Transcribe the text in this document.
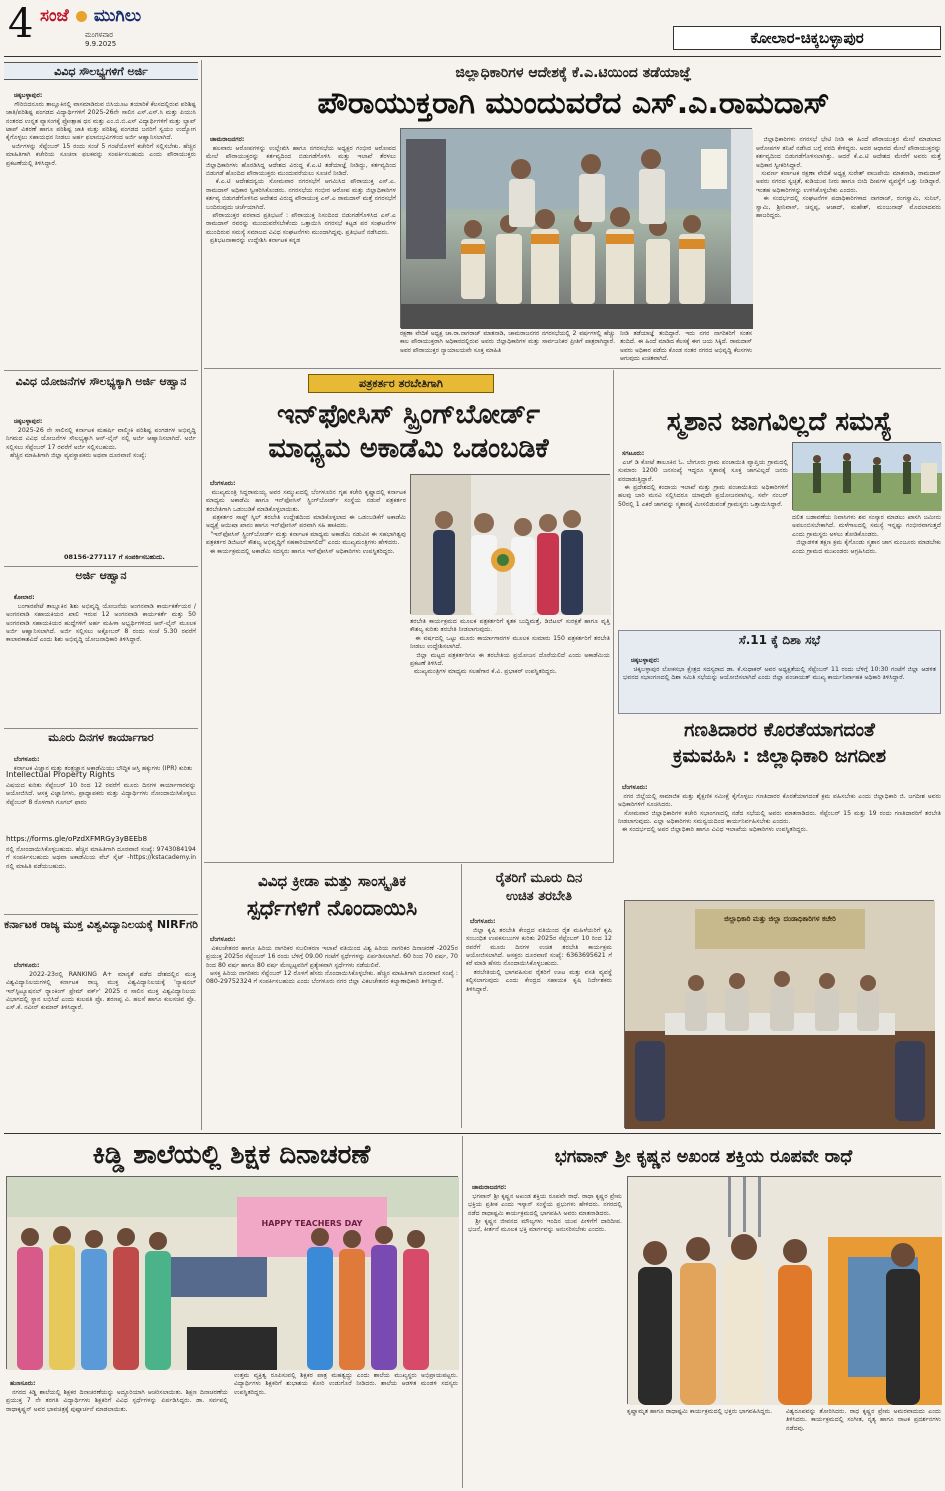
4 ಸಂಜೆ ಮುಗಿಲು
ಮಂಗಳವಾರ
9.9.2025	ಕೋಲಾರ-ಚಿಕ್ಕಬಳ್ಳಾಪುರ
ವಿವಿಧ ಸೌಲಭ್ಯಗಳಿಗೆ ಅರ್ಜಿ

ಚಿಕ್ಕಬಳ್ಳಾಪುರ:
ಗೌರಿಬಿದನೂರು ತಾಲ್ಲೂಕಿನಲ್ಲಿ ವಾಸಮಾಡಿರುವ ಬಿಸಿಯೂಟ ತಯಾರಿಕೆ ಕೆಲಸದಲ್ಲಿರುವ ಪರಿಶಿಷ್ಟ ಜಾತಿ/ಪರಿಶಿಷ್ಟ ಪಂಗಡದ ವಿದ್ಯಾರ್ಥಿಗಳಿಗೆ 2025-26ನೇ ಸಾಲಿನ ಎಸ್.ಎಸ್.ಸಿ ಮತ್ತು ಪಿಯುಸಿ ನಂತರದ ಉನ್ನತ ವ್ಯಾಸಂಗಕ್ಕೆ ಪ್ರೋತ್ಸಾಹ ಧನ ಮತ್ತು ಎಂ.ಬಿ.ಬಿ.ಎಸ್ ವಿದ್ಯಾರ್ಥಿಗಳಿಗೆ ಮತ್ತು ಲ್ಯಾಪ್ ಟಾಪ್ ವಿತರಣೆ ಹಾಗೂ ಪರಿಶಿಷ್ಟ ಜಾತಿ ಮತ್ತು ಪರಿಶಿಷ್ಟ ಪಂಗಡದ ಜನರಿಗೆ ಸ್ವಯಂ ಉದ್ಯೋಗ ಕೈಗೊಳ್ಳಲು ಸಹಾಯಧನ ನೀಡಲು ಅರ್ಹ ಫಲಾನುಭವಿಗಳಿಂದ ಅರ್ಜಿ ಆಹ್ವಾನಿಸಲಾಗಿದೆ.
ಅರ್ಜಿಗಳನ್ನು ಸೆಪ್ಟೆಂಬರ್ 15 ರಂದು ಸಂಜೆ 5 ಗಂಟೆಯೊಳಗೆ ಕಚೇರಿಗೆ ಸಲ್ಲಿಸಬೇಕು. ಹೆಚ್ಚಿನ ಮಾಹಿತಿಗಾಗಿ ಕಚೇರಿಯ ಸೂಚನಾ ಫಲಕವನ್ನು ಸಂಪರ್ಕಿಸಬಹುದು ಎಂದು ಪೌರಾಯುಕ್ತರು ಪ್ರಕಟಣೆಯಲ್ಲಿ ತಿಳಿಸಿದ್ದಾರೆ.

ವಿವಿಧ ಯೋಜನೆಗಳ ಸೌಲಭ್ಯಕ್ಕಾಗಿ ಅರ್ಜಿ ಆಹ್ವಾನ

ಚಿಕ್ಕಬಳ್ಳಾಪುರ:
2025-26 ನೇ ಸಾಲಿನಲ್ಲಿ ಕರ್ನಾಟಕ ಮಹರ್ಷಿ ವಾಲ್ಮೀಕಿ ಪರಿಶಿಷ್ಟ ಪಂಗಡಗಳ ಅಭಿವೃದ್ಧಿ ನಿಗಮದ ವಿವಿಧ ಯೋಜನೆಗಳ ಸೌಲಭ್ಯಕ್ಕಾಗಿ ಆನ್-ಲೈನ್ ನಲ್ಲಿ ಅರ್ಜಿ ಆಹ್ವಾನಿಸಲಾಗಿದೆ. ಅರ್ಜಿ ಸಲ್ಲಿಸಲು ಸೆಪ್ಟೆಂಬರ್ 17 ರವರೆಗೆ ಅರ್ಜಿ ಸಲ್ಲಿಸಬಹುದು.
ಹೆಚ್ಚಿನ ಮಾಹಿತಿಗಾಗಿ ಜಿಲ್ಲಾ ವ್ಯವಸ್ಥಾಪಕರು ಅಥವಾ ದೂರವಾಣಿ ಸಂಖ್ಯೆ:

08156-277117 ಗೆ ಸಂಪರ್ಕಿಸಬಹುದು.
ಅರ್ಜಿ ಆಹ್ವಾನ

ಕೋಲಾರ:
ಬಂಗಾರಪೇಟೆ ತಾಲ್ಲೂಕಿನ ಶಿಶು ಅಭಿವೃದ್ಧಿ ಯೋಜನೆಯ ಅಂಗನವಾಡಿ ಕಾರ್ಯಕರ್ತೆಯರ / ಅಂಗನವಾಡಿ ಸಹಾಯಕಿಯರ ಖಾಲಿ ಇರುವ 12 ಅಂಗನವಾಡಿ ಕಾರ್ಯಕರ್ತೆ ಮತ್ತು 50 ಅಂಗನವಾಡಿ ಸಹಾಯಕಿಯರ ಹುದ್ದೆಗಳಿಗೆ ಅರ್ಹ ಮಹಿಳಾ ಅಭ್ಯರ್ಥಿಗಳಿಂದ ಆನ್-ಲೈನ್ ಮೂಲಕ ಅರ್ಜಿ ಆಹ್ವಾನಿಸಲಾಗಿದೆ. ಅರ್ಜಿ ಸಲ್ಲಿಸಲು ಅಕ್ಟೋಬರ್ 8 ರಂದು ಸಂಜೆ 5.30 ರವರೆಗೆ ಕಾಲಾವಕಾಶವಿದೆ ಎಂದು ಶಿಶು ಅಭಿವೃದ್ಧಿ ಯೋಜನಾಧಿಕಾರಿ ತಿಳಿಸಿದ್ದಾರೆ.

ಮೂರು ದಿನಗಳ ಕಾರ್ಯಾಗಾರ

ಬೆಂಗಳೂರು:
ಕರ್ನಾಟಕ ವಿಜ್ಞಾನ ಮತ್ತು ತಂತ್ರಜ್ಞಾನ ಅಕಾಡೆಮಿಯು ಬೌದ್ಧಿಕ ಆಸ್ತಿ ಹಕ್ಕುಗಳು (IPR) ಕುರಿತು

Intellectual Property Rights
ವಿಷಯದ ಕುರಿತು ಸೆಪ್ಟೆಂಬರ್ 10 ರಿಂದ 12 ರವರೆಗೆ ಮೂರು ದಿನಗಳ ಕಾರ್ಯಾಗಾರವನ್ನು ಆಯೋಜಿಸಿದೆ. ಆಸಕ್ತ ವಿಜ್ಞಾನಿಗಳು, ಪ್ರಾಧ್ಯಾಪಕರು ಮತ್ತು ವಿದ್ಯಾರ್ಥಿಗಳು ನೋಂದಾಯಿಸಿಕೊಳ್ಳಲು ಸೆಪ್ಟೆಂಬರ್ 8 ರೊಳಗಾಗಿ ಗೂಗಲ್ ಫಾರಂ
https://forms.gle/oPzdXFMRGy3yBEEb8
ನಲ್ಲಿ ನೋಂದಾಯಿಸಿಕೊಳ್ಳಬಹುದು. ಹೆಚ್ಚಿನ ಮಾಹಿತಿಗಾಗಿ ದೂರವಾಣಿ ಸಂಖ್ಯೆ: 9743084194 ಗೆ ಸಂಪರ್ಕಿಸಬಹುದು ಅಥವಾ ಅಕಾಡೆಮಿಯ ವೆಬ್ ಸೈಟ್ -https://kstacademy.in ನಲ್ಲಿ ಮಾಹಿತಿ ಪಡೆಯಬಹುದು.
ಕರ್ನಾಟಕ ರಾಜ್ಯ ಮುಕ್ತ ವಿಶ್ವವಿದ್ಯಾನಿಲಯಕ್ಕೆ NIRFಗರಿ

ಬೆಂಗಳೂರು:
2022-23ರಲ್ಲಿ RANKING A+ ಮಾನ್ಯತೆ ಪಡೆದ ದೇಶದಲ್ಲಿನ ಮುಕ್ತ ವಿಶ್ವವಿದ್ಯಾನಿಲಯಗಳಲ್ಲಿ ಕರ್ನಾಟಕ ರಾಜ್ಯ ಮುಕ್ತ ವಿಶ್ವವಿದ್ಯಾನಿಲಯಕ್ಕೆ 'ನ್ಯಾಷನಲ್ ಇನ್‌ಸ್ಟಿಟ್ಯೂಷನಲ್ ರ್‍ಯಾಂಕಿಂಗ್ ಫ್ರೇಮ್ ವರ್ಕ್' 2025 ರ ಸಾಲಿನ ಮುಕ್ತ ವಿಶ್ವವಿದ್ಯಾನಿಲಯ ವಿಭಾಗದಲ್ಲಿ ಸ್ಥಾನ ಲಭಿಸಿದೆ ಎಂದು ಕುಲಪತಿ ಪ್ರೊ. ಶರಣಪ್ಪ ವಿ. ಹಲಸೆ ಹಾಗೂ ಕುಲಸಚಿವ ಪ್ರೊ. ಎಸ್.ಕೆ. ನವೀನ್ ಕುಮಾರ್ ತಿಳಿಸಿದ್ದಾರೆ.

ಜಿಲ್ಲಾಧಿಕಾರಿಗಳ ಆದೇಶಕ್ಕೆ ಕೆ.ಎ.ಟಿಯಿಂದ ತಡೆಯಾಜ್ಞೆ
ಪೌರಾಯುಕ್ತರಾಗಿ ಮುಂದುವರೆದ ಎಸ್.ಎ.ರಾಮದಾಸ್

ಚಾಮರಾಜನಗರ:
ಹಲವಾರು ಆರೋಪಗಳನ್ನು ಉಲ್ಲೇಖಿಸಿ ಹಾಗೂ ನಗರಸಭೆಯ ಅಧ್ಯಕ್ಷರ ಗಂಭೀರ ಆರೋಪದ ಮೇಲೆ ಪೌರಾಯುಕ್ತರನ್ನು ಕರ್ತವ್ಯದಿಂದ ಬಿಡುಗಡೆಗೊಳಿಸಿ ಮತ್ತು ಇಲಾಖೆ ತೆರಳಲು ಜಿಲ್ಲಾಧಿಕಾರಿಗಳು ಹೊರಡಿಸಿದ್ದ ಆದೇಶದ ವಿರುದ್ಧ ಕೆ.ಎ.ಟಿ ತಡೆಯಾಜ್ಞೆ ನೀಡಿದ್ದು, ಕರ್ತವ್ಯದಿಂದ ಬಿಡುಗಡೆ ಹೊಂದಿದ ಪೌರಾಯುಕ್ತರು ಮುಂದುವರೆಯಲು ಸೂಚನೆ ನೀಡಿದೆ.
ಕೆ.ಎ.ಟಿ ಆದೇಶದನ್ವಯ ಸೋಮವಾರ ನಗರಸಭೆಗೆ ಆಗಮಿಸಿದ ಪೌರಾಯುಕ್ತ ಎಸ್.ಎ. ರಾಮದಾಸ್ ಅಧಿಕಾರ ಸ್ವೀಕರಿಸಿಕೊಂಡರು. ನಗರಸಭೆಯ ಗಂಭೀರ ಆರೋಪ ಮತ್ತು ಜಿಲ್ಲಾಧಿಕಾರಿಗಳ ಕರ್ತವ್ಯ ಬಿಡುಗಡೆಗೊಳಿಸಿದ ಆದೇಶದ ವಿರುದ್ಧ ಪೌರಾಯುಕ್ತ ಎಸ್.ಎ ರಾಮದಾಸ್ ಮತ್ತೆ ನಗರಸಭೆಗೆ ಬಂದಿರುವುದು ಚರ್ಚೆಯಾಗಿದೆ.
ಪೌರಾಯುಕ್ತರ ಪರವಾದ ಪ್ರತಿಭಟನೆ : ಪೌರಾಯುಕ್ತ ನಿಸಂದಿಂದ ಬಿಡುಗಡೆಗೊಳಿಸಿದ ಎಸ್.ಎ ರಾಮದಾಸ್ ರವರನ್ನು ಮುಂದುವರೆಸಬೇಕೆಂದು ಒತ್ತಾಯಿಸಿ ನಗರಸಭೆ ಕಟ್ಟಡ ಪರ ಸಂಘಟನೆಗಳ ಮುಂದಿರುವ ಸಮಸ್ಯೆ ಸಮಾಜದ ವಿವಿಧ ಸಂಘಟನೆಗಳು ಮುಂದಾಗಿದ್ದವು. ಪ್ರತಿಭಟನೆ ನಡೆಸಿದರು.
ಪ್ರತಿಭಟನಾಕಾರನ್ನು ಉದ್ದೇಶಿಸಿ ಕರ್ನಾಟಕ ಕನ್ನಡ

ರಕ್ಷಣಾ ವೇದಿಕೆ ಅಧ್ಯಕ್ಷ ಚಾ.ರಾ.ನಾಗರಾಜ್ ಮಾತನಾಡಿ, ಚಾಮರಾಜನಗರ ನಗರಸಭೆಯಲ್ಲಿ 2 ವರ್ಷಗಳಲ್ಲಿ ಹೆಚ್ಚು ಕಾಲ ಪೌರಾಯುಕ್ತರಾಗಿ ಅಧಿಕಾರದಲ್ಲಿರುವ ಅವರು ಜಿಲ್ಲಾಧಿಕಾರಿಗಳ ಮತ್ತು ಸಾರ್ವಜನಿಕರ ಪ್ರೀತಿಗೆ ಪಾತ್ರರಾಗಿದ್ದಾರೆ. ಅವರ ಪೌರಾಯುಕ್ತರ ನ್ಯಾಯಾಲಯವೇ ಸೂಕ್ತ ಮಾಹಿತಿ
ನೀಡಿ ತಡೆಯಾಜ್ಞೆ ತಂದಿದ್ದಾರೆ. ಇದು ನಗರ ನಾಗರಿಕರಿಗೆ ಸಂತಸ ತಂದಿದೆ. ಈ ಹಿಂದೆ ಮಾಡಿದ ಕೆಲಸಕ್ಕೆ ಈಗ ಜಯ ಸಿಕ್ಕಿದೆ. ರಾಮದಾಸ್ ಅವರು ಅಧಿಕಾರ ಪಡೆದು ಕೊಂಡ ನಂತರ ನಗರದ ಅಭಿವೃದ್ಧಿ ಕೆಲಸಗಳು ಆಗುವುದು ಖಚಿತವಾಗಿದೆ.

ಜಿಲ್ಲಾಧಿಕಾರಿಗಳು ನಗರಸಭೆ ಭೇಟಿ ನೀಡಿ ಈ ಹಿಂದೆ ಪೌರಾಯುಕ್ತರ ಮೇಲೆ ಮಾಡಲಾದ ಆರೋಪಗಳ ತನಿಖೆ ನಡೆಸಿದ ಬಗ್ಗೆ ವರದಿ ಕೇಳಿದ್ದರು. ಅದರ ಆಧಾರದ ಮೇಲೆ ಪೌರಾಯುಕ್ತರನ್ನು ಕರ್ತವ್ಯದಿಂದ ಬಿಡುಗಡೆಗೊಳಿಸಲಾಗಿತ್ತು. ಆದರೆ ಕೆ.ಎ.ಟಿ ಆದೇಶದ ಮೇರೆಗೆ ಅವರು ಮತ್ತೆ ಅಧಿಕಾರ ಸ್ವೀಕರಿಸಿದ್ದಾರೆ.
ಸುವರ್ಣ ಕರ್ನಾಟಕ ರಕ್ಷಣಾ ವೇದಿಕೆ ಅಧ್ಯಕ್ಷ ಸುರೇಶ್ ವಾಜಪೇಯಿ ಮಾತನಾಡಿ, ರಾಮದಾಸ್ ಅವರು ನಗರದ ಸ್ವಚ್ಛತೆ, ಕುಡಿಯುವ ನೀರು ಹಾಗೂ ಬೀದಿ ದೀಪಗಳ ವ್ಯವಸ್ಥೆಗೆ ಒತ್ತು ನೀಡಿದ್ದಾರೆ. ಇಂತಹ ಅಧಿಕಾರಿಗಳನ್ನು ಉಳಿಸಿಕೊಳ್ಳಬೇಕು ಎಂದರು.
ಈ ಸಂದರ್ಭದಲ್ಲಿ ಸಂಘಟನೆಗಳ ಪದಾಧಿಕಾರಿಗಳಾದ ನಾಗರಾಜ್, ರಂಗಸ್ವಾಮಿ, ಸುನಿಲ್, ಸ್ವಾಮಿ, ಶ್ರೀನಿವಾಸ್, ಚನ್ನಪ್ಪ, ಆಜಾದ್, ಮಹೇಶ್, ಮಂಜುನಾಥ್ ಮೊದಲಾದವರು ಹಾಜರಿದ್ದರು.

ಪತ್ರಕರ್ತರ ತರಬೇತಿಗಾಗಿ
ಇನ್‌ಫೋಸಿಸ್ ಸ್ಪ್ರಿಂಗ್‌ಬೋರ್ಡ್
ಮಾಧ್ಯಮ ಅಕಾಡೆಮಿ ಒಡಂಬಡಿಕೆ

ಬೆಂಗಳೂರು:
ಮುಖ್ಯಮಂತ್ರಿ ಸಿದ್ದರಾಮಯ್ಯ ಅವರ ಸಮ್ಮುಖದಲ್ಲಿ ಬೆಂಗಳೂರಿನ ಗೃಹ ಕಚೇರಿ ಕೃಷ್ಣಾದಲ್ಲಿ ಕರ್ನಾಟಕ ಮಾಧ್ಯಮ ಅಕಾಡೆಮಿ ಹಾಗೂ ಇನ್‌ಫೋಸಿಸ್ ಸ್ಪ್ರಿಂಗ್‌ಬೋರ್ಡ್ ಸಂಸ್ಥೆಯ ನಡುವೆ ಪತ್ರಕರ್ತರ ತರಬೇತಿಗಾಗಿ ಒಡಂಬಡಿಕೆ ಮಾಡಿಕೊಳ್ಳಲಾಯಿತು.
ಪತ್ರಕರ್ತರ ಸಾಫ್ಟ್ ಸ್ಕಿಲ್ ತರಬೇತಿ ಉದ್ದೇಶದಿಂದ ಮಾಡಿಕೊಳ್ಳಲಾದ ಈ ಒಡಂಬಡಿಕೆಗೆ ಅಕಾಡೆಮಿ ಅಧ್ಯಕ್ಷೆ ಆಯಿಷಾ ಖಾನಂ ಹಾಗೂ ಇನ್‌ಫೋಸಿಸ್ ಪರವಾಗಿ ಸಹಿ ಹಾಕಿದರು.
"ಇನ್‌ಫೋಸಿಸ್ ಸ್ಪ್ರಿಂಗ್‌ಬೋರ್ಡ್ ಮತ್ತು ಕರ್ನಾಟಕ ಮಾಧ್ಯಮ ಅಕಾಡೆಮಿ ನಡುವಿನ ಈ ಸಹಭಾಗಿತ್ವವು ಪತ್ರಕರ್ತರ ಡಿಜಿಟಲ್ ಕೌಶಲ್ಯ ಅಭಿವೃದ್ಧಿಗೆ ಸಹಕಾರಿಯಾಗಲಿದೆ" ಎಂದು ಮುಖ್ಯಮಂತ್ರಿಗಳು ಹೇಳಿದರು.
ಈ ಕಾರ್ಯಕ್ರಮದಲ್ಲಿ ಅಕಾಡೆಮಿ ಸದಸ್ಯರು ಹಾಗೂ ಇನ್‌ಫೋಸಿಸ್ ಅಧಿಕಾರಿಗಳು ಉಪಸ್ಥಿತರಿದ್ದರು.

ತರಬೇತಿ ಕಾರ್ಯಕ್ರಮದ ಮೂಲಕ ಪತ್ರಕರ್ತರಿಗೆ ಕೃತಕ ಬುದ್ಧಿಮತ್ತೆ, ಡಿಜಿಟಲ್ ಸುರಕ್ಷತೆ ಹಾಗೂ ವೃತ್ತಿ ಕೌಶಲ್ಯ ಕುರಿತು ತರಬೇತಿ ನೀಡಲಾಗುವುದು.
ಈ ವರ್ಷದಲ್ಲಿ ಒಟ್ಟು ಮೂರು ಕಾರ್ಯಾಗಾರಗಳ ಮೂಲಕ ಸುಮಾರು 150 ಪತ್ರಕರ್ತರಿಗೆ ತರಬೇತಿ ನೀಡಲು ಉದ್ದೇಶಿಸಲಾಗಿದೆ.
ಜಿಲ್ಲಾ ಮಟ್ಟದ ಪತ್ರಕರ್ತರಿಗೂ ಈ ತರಬೇತಿಯ ಪ್ರಯೋಜನ ದೊರೆಯಲಿದೆ ಎಂದು ಅಕಾಡೆಮಿಯ ಪ್ರಕಟಣೆ ತಿಳಿಸಿದೆ.
ಮುಖ್ಯಮಂತ್ರಿಗಳ ಮಾಧ್ಯಮ ಸಲಹೆಗಾರ ಕೆ.ವಿ. ಪ್ರಭಾಕರ್ ಉಪಸ್ಥಿತರಿದ್ದರು.
ಸ್ಮಶಾನ ಜಾಗವಿಲ್ಲದೆ ಸಮಸ್ಯೆ

ಸಗಟೂರು:
ಎಚ್ ಡಿ ಕೋಟೆ ತಾಲೂಕಿನ ಓ. ಬೇಗೂರು ಗ್ರಾಮ ಪಂಚಾಯಿತಿ ವ್ಯಾಪ್ತಿಯ ಗ್ರಾಮದಲ್ಲಿ ಸುಮಾರು 1200 ಜನಸಂಖ್ಯೆ ಇದ್ದರೂ ಸ್ಮಶಾನಕ್ಕೆ ಸೂಕ್ತ ಜಾಗವಿಲ್ಲದೆ ಜನರು ಪರದಾಡುತ್ತಿದ್ದಾರೆ.
ಈ ಪ್ರದೇಶದಲ್ಲಿ ಕಂದಾಯ ಇಲಾಖೆ ಮತ್ತು ಗ್ರಾಮ ಪಂಚಾಯಿತಿಯ ಅಧಿಕಾರಿಗಳಿಗೆ ಹಲವು ಬಾರಿ ಮನವಿ ಸಲ್ಲಿಸಿದರೂ ಯಾವುದೇ ಪ್ರಯೋಜನವಾಗಿಲ್ಲ. ಸರ್ವೆ ನಂಬರ್ 50ರಲ್ಲಿ 1 ಎಕರೆ ಜಾಗವನ್ನು ಸ್ಮಶಾನಕ್ಕೆ ಮೀಸಲಿಡುವಂತೆ ಗ್ರಾಮಸ್ಥರು ಒತ್ತಾಯಿಸಿದ್ದಾರೆ.

ದಲಿತ ಬಡಾವಣೆಯ ನಿವಾಸಿಗಳು ಶವ ಸಂಸ್ಕಾರ ಮಾಡಲು ಖಾಸಗಿ ಜಮೀನು ಅವಲಂಬಿಸಬೇಕಾಗಿದೆ. ಮಳೆಗಾಲದಲ್ಲಿ ಸಮಸ್ಯೆ ಇನ್ನಷ್ಟು ಗಂಭೀರವಾಗುತ್ತದೆ ಎಂದು ಗ್ರಾಮಸ್ಥರು ಅಳಲು ತೋಡಿಕೊಂಡರು.
ಜಿಲ್ಲಾಡಳಿತ ತಕ್ಷಣ ಕ್ರಮ ಕೈಗೊಂಡು ಸ್ಮಶಾನ ಜಾಗ ಮಂಜೂರು ಮಾಡಬೇಕು ಎಂದು ಗ್ರಾಮದ ಮುಖಂಡರು ಆಗ್ರಹಿಸಿದರು.
ಸೆ.11 ಕ್ಕೆ ದಿಶಾ ಸಭೆ

ಚಿಕ್ಕಬಳ್ಳಾಪುರ:
ಚಿಕ್ಕಬಳ್ಳಾಪುರ ಲೋಕಸಭಾ ಕ್ಷೇತ್ರದ ಸದಸ್ಯರಾದ ಡಾ. ಕೆ.ಸುಧಾಕರ್ ಅವರ ಅಧ್ಯಕ್ಷತೆಯಲ್ಲಿ ಸೆಪ್ಟೆಂಬರ್ 11 ರಂದು ಬೆಳಿಗ್ಗೆ 10:30 ಗಂಟೆಗೆ ಜಿಲ್ಲಾ ಆಡಳಿತ ಭವನದ ಸಭಾಂಗಣದಲ್ಲಿ ದಿಶಾ ಸಮಿತಿ ಸಭೆಯನ್ನು ಆಯೋಜಿಸಲಾಗಿದೆ ಎಂದು ಜಿಲ್ಲಾ ಪಂಚಾಯತ್ ಮುಖ್ಯ ಕಾರ್ಯನಿರ್ವಾಹಕ ಅಧಿಕಾರಿ ತಿಳಿಸಿದ್ದಾರೆ.

ಗಣತಿದಾರರ ಕೊರತೆಯಾಗದಂತೆ
ಕ್ರಮವಹಿಸಿ : ಜಿಲ್ಲಾಧಿಕಾರಿ ಜಗದೀಶ

ಬೆಂಗಳೂರು:
ನಗರ ಜಿಲ್ಲೆಯಲ್ಲಿ ಸಾಮಾಜಿಕ ಮತ್ತು ಶೈಕ್ಷಣಿಕ ಸಮೀಕ್ಷೆ ಕೈಗೊಳ್ಳಲು ಗಣತಿದಾರರ ಕೊರತೆಯಾಗದಂತೆ ಕ್ರಮ ವಹಿಸಬೇಕು ಎಂದು ಜಿಲ್ಲಾಧಿಕಾರಿ ಜಿ. ಜಗದೀಶ ಅವರು ಅಧಿಕಾರಿಗಳಿಗೆ ಸೂಚಿಸಿದರು.
ಸೋಮವಾರ ಜಿಲ್ಲಾಧಿಕಾರಿಗಳ ಕಚೇರಿ ಸಭಾಂಗಣದಲ್ಲಿ ನಡೆದ ಸಭೆಯಲ್ಲಿ ಅವರು ಮಾತನಾಡಿದರು. ಸೆಪ್ಟೆಂಬರ್ 15 ಮತ್ತು 19 ರಂದು ಗಣತಿದಾರರಿಗೆ ತರಬೇತಿ ನೀಡಲಾಗುವುದು. ಎಲ್ಲಾ ಅಧಿಕಾರಿಗಳು ಸಮನ್ವಯದಿಂದ ಕಾರ್ಯನಿರ್ವಹಿಸಬೇಕು ಎಂದರು.
ಈ ಸಂದರ್ಭದಲ್ಲಿ ಅಪರ ಜಿಲ್ಲಾಧಿಕಾರಿ ಹಾಗೂ ವಿವಿಧ ಇಲಾಖೆಯ ಅಧಿಕಾರಿಗಳು ಉಪಸ್ಥಿತರಿದ್ದರು.

ಜಿಲ್ಲಾಧಿಕಾರಿ ಮತ್ತು ಜಿಲ್ಲಾ ದಂಡಾಧಿಕಾರಿಗಳ ಕಚೇರಿ
ವಿವಿಧ ಕ್ರೀಡಾ ಮತ್ತು ಸಾಂಸ್ಕೃತಿಕ
ಸ್ಪರ್ಧೆಗಳಿಗೆ ನೊಂದಾಯಿಸಿ

ಬೆಂಗಳೂರು:
ವಿಕಲಚೇತನರ ಹಾಗೂ ಹಿರಿಯ ನಾಗರಿಕರ ಸಬಲೀಕರಣ ಇಲಾಖೆ ವತಿಯಿಂದ ವಿಶ್ವ ಹಿರಿಯ ನಾಗರಿಕರ ದಿನಾಚರಣೆ -2025ರ ಪ್ರಯುಕ್ತ 2025ರ ಸೆಪ್ಟೆಂಬರ್ 16 ರಂದು ಬೆಳಿಗ್ಗೆ 09.00 ಗಂಟೆಗೆ ಸ್ಪರ್ಧೆಗಳನ್ನು ಏರ್ಪಡಿಸಲಾಗಿದೆ. 60 ರಿಂದ 70 ವರ್ಷ, 70 ರಿಂದ 80 ವರ್ಷ ಹಾಗೂ 80 ವರ್ಷ ಮೇಲ್ಪಟ್ಟವರಿಗೆ ಪ್ರತ್ಯೇಕವಾಗಿ ಸ್ಪರ್ಧೆಗಳು ನಡೆಯಲಿವೆ.
ಆಸಕ್ತ ಹಿರಿಯ ನಾಗರಿಕರು ಸೆಪ್ಟೆಂಬರ್ 12 ರೊಳಗೆ ಹೆಸರು ನೊಂದಾಯಿಸಿಕೊಳ್ಳಬೇಕು. ಹೆಚ್ಚಿನ ಮಾಹಿತಿಗಾಗಿ ದೂರವಾಣಿ ಸಂಖ್ಯೆ : 080-29752324 ಗೆ ಸಂಪರ್ಕಿಸಬಹುದು ಎಂದು ಬೆಂಗಳೂರು ನಗರ ಜಿಲ್ಲಾ ವಿಕಲಚೇತನರ ಕಲ್ಯಾಣಾಧಿಕಾರಿ ತಿಳಿಸಿದ್ದಾರೆ.

ರೈತರಿಗೆ ಮೂರು ದಿನ
ಉಚಿತ ತರಬೇತಿ

ಬೆಂಗಳೂರು:
ಜಿಲ್ಲಾ ಕೃಷಿ ತರಬೇತಿ ಕೇಂದ್ರದ ವತಿಯಿಂದ ರೈತ ಮಹಿಳೆಯರಿಗೆ ಕೃಷಿ ಸಂಬಂಧಿತ ಉಪಕಸುಬುಗಳ ಕುರಿತು 2025ರ ಸೆಪ್ಟೆಂಬರ್ 10 ರಿಂದ 12 ರವರೆಗೆ ಮೂರು ದಿನಗಳ ಉಚಿತ ತರಬೇತಿ ಕಾರ್ಯಕ್ರಮ ಆಯೋಜಿಸಲಾಗಿದೆ. ಆಸಕ್ತರು ದೂರವಾಣಿ ಸಂಖ್ಯೆ: 6363695621 ಗೆ ಕರೆ ಮಾಡಿ ಹೆಸರು ನೊಂದಾಯಿಸಿಕೊಳ್ಳಬಹುದು.
ತರಬೇತಿಯಲ್ಲಿ ಭಾಗವಹಿಸುವ ರೈತರಿಗೆ ಊಟ ಮತ್ತು ವಸತಿ ವ್ಯವಸ್ಥೆ ಕಲ್ಪಿಸಲಾಗುವುದು ಎಂದು ಕೇಂದ್ರದ ಸಹಾಯಕ ಕೃಷಿ ನಿರ್ದೇಶಕರು ತಿಳಿಸಿದ್ದಾರೆ.

ಕಿಡ್ಡಿ ಶಾಲೆಯಲ್ಲಿ ಶಿಕ್ಷಕ ದಿನಾಚರಣೆ
HAPPY TEACHERS DAY

ಹುಣಸೂರು:
ನಗರದ ಕಿಡ್ಡಿ ಶಾಲೆಯಲ್ಲಿ ಶಿಕ್ಷಕರ ದಿನಾಚರಣೆಯನ್ನು ಅದ್ದೂರಿಯಾಗಿ ಆಚರಿಸಲಾಯಿತು. ಶಿಕ್ಷಣ ದಿನಾಚರಣೆಯ ಪ್ರಯುಕ್ತ 7 ನೇ ತರಗತಿ ವಿದ್ಯಾರ್ಥಿಗಳು ಶಿಕ್ಷಕರಿಗೆ ವಿವಿಧ ಸ್ಪರ್ಧೆಗಳನ್ನು ಏರ್ಪಡಿಸಿದ್ದರು. ಡಾ. ಸರ್ವಪಲ್ಲಿ ರಾಧಾಕೃಷ್ಣನ್ ಅವರ ಭಾವಚಿತ್ರಕ್ಕೆ ಪುಷ್ಪಾರ್ಚನೆ ಮಾಡಲಾಯಿತು.

ಉತ್ತಮ ವ್ಯಕ್ತಿತ್ವ ರೂಪಿಸುವಲ್ಲಿ ಶಿಕ್ಷಕರ ಪಾತ್ರ ಮಹತ್ವದ್ದು ಎಂದು ಶಾಲೆಯ ಮುಖ್ಯಸ್ಥರು ಅಭಿಪ್ರಾಯಪಟ್ಟರು. ವಿದ್ಯಾರ್ಥಿಗಳು ಶಿಕ್ಷಕರಿಗೆ ಶುಭಾಶಯ ಕೋರಿ ಉಡುಗೊರೆ ನೀಡಿದರು. ಶಾಲೆಯ ಆಡಳಿತ ಮಂಡಳಿ ಸದಸ್ಯರು ಉಪಸ್ಥಿತರಿದ್ದರು.
ಭಗವಾನ್ ಶ್ರೀ ಕೃಷ್ಣನ ಅಖಂಡ ಶಕ್ತಿಯ ರೂಪವೇ ರಾಧೆ

ಚಾಮರಾಜನಗರ:
ಭಗವಾನ್ ಶ್ರೀ ಕೃಷ್ಣನ ಅಖಂಡ ಶಕ್ತಿಯ ರೂಪವೇ ರಾಧೆ. ರಾಧಾ ಕೃಷ್ಣರ ಪ್ರೇಮ ಭಕ್ತಿಯ ಪ್ರತೀಕ ಎಂದು ಇಸ್ಕಾನ್ ಸಂಸ್ಥೆಯ ಪ್ರಭುಗಳು ಹೇಳಿದರು. ನಗರದಲ್ಲಿ ನಡೆದ ರಾಧಾಷ್ಟಮಿ ಕಾರ್ಯಕ್ರಮದಲ್ಲಿ ಭಾಗವಹಿಸಿ ಅವರು ಮಾತನಾಡಿದರು.
ಶ್ರೀ ಕೃಷ್ಣನ ಜೀವನದ ಮೌಲ್ಯಗಳು ಇಂದಿನ ಯುವ ಪೀಳಿಗೆಗೆ ದಾರಿದೀಪ. ಭಜನೆ, ಕೀರ್ತನೆ ಮೂಲಕ ಭಕ್ತಿ ಮಾರ್ಗವನ್ನು ಅನುಸರಿಸಬೇಕು ಎಂದರು.

ಕೃಷ್ಣಾಮೃತ ಹಾಗೂ ರಾಧಾಷ್ಟಮಿ ಕಾರ್ಯಕ್ರಮದಲ್ಲಿ ಭಕ್ತರು ಭಾಗವಹಿಸಿದ್ದರು.	ವಿಶ್ವರೂಪವನ್ನು ತೋರಿಸಿದರು. ರಾಧ ಕೃಷ್ಣರ ಪ್ರೇಮ ಅಮರವಾದುದು ಎಂದು ತಿಳಿಸಿದರು. ಕಾರ್ಯಕ್ರಮದಲ್ಲಿ ಸಂಗೀತ, ನೃತ್ಯ ಹಾಗೂ ನಾಟಕ ಪ್ರದರ್ಶನಗಳು ನಡೆದವು.
